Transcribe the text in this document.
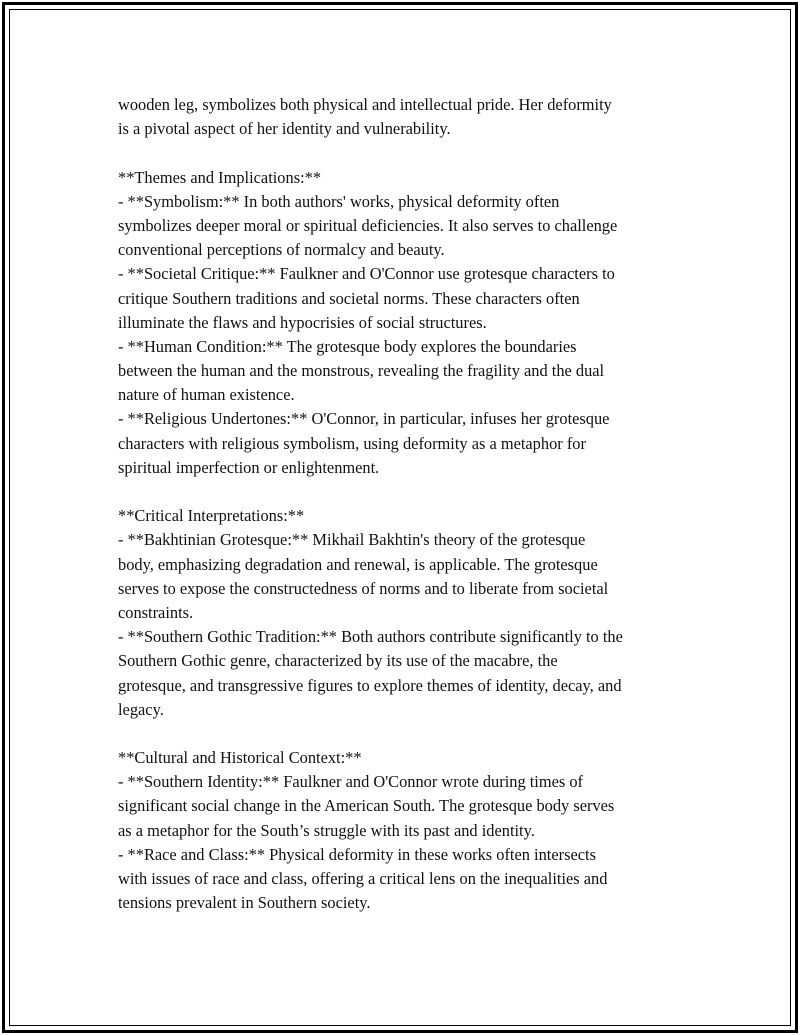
wooden leg, symbolizes both physical and intellectual pride. Her deformity
is a pivotal aspect of her identity and vulnerability.
**Themes and Implications:**
- **Symbolism:** In both authors' works, physical deformity often
symbolizes deeper moral or spiritual deficiencies. It also serves to challenge
conventional perceptions of normalcy and beauty.
- **Societal Critique:** Faulkner and O'Connor use grotesque characters to
critique Southern traditions and societal norms. These characters often
illuminate the flaws and hypocrisies of social structures.
- **Human Condition:** The grotesque body explores the boundaries
between the human and the monstrous, revealing the fragility and the dual
nature of human existence.
- **Religious Undertones:** O'Connor, in particular, infuses her grotesque
characters with religious symbolism, using deformity as a metaphor for
spiritual imperfection or enlightenment.
**Critical Interpretations:**
- **Bakhtinian Grotesque:** Mikhail Bakhtin's theory of the grotesque
body, emphasizing degradation and renewal, is applicable. The grotesque
serves to expose the constructedness of norms and to liberate from societal
constraints.
- **Southern Gothic Tradition:** Both authors contribute significantly to the
Southern Gothic genre, characterized by its use of the macabre, the
grotesque, and transgressive figures to explore themes of identity, decay, and
legacy.
**Cultural and Historical Context:**
- **Southern Identity:** Faulkner and O'Connor wrote during times of
significant social change in the American South. The grotesque body serves
as a metaphor for the South’s struggle with its past and identity.
- **Race and Class:** Physical deformity in these works often intersects
with issues of race and class, offering a critical lens on the inequalities and
tensions prevalent in Southern society.
